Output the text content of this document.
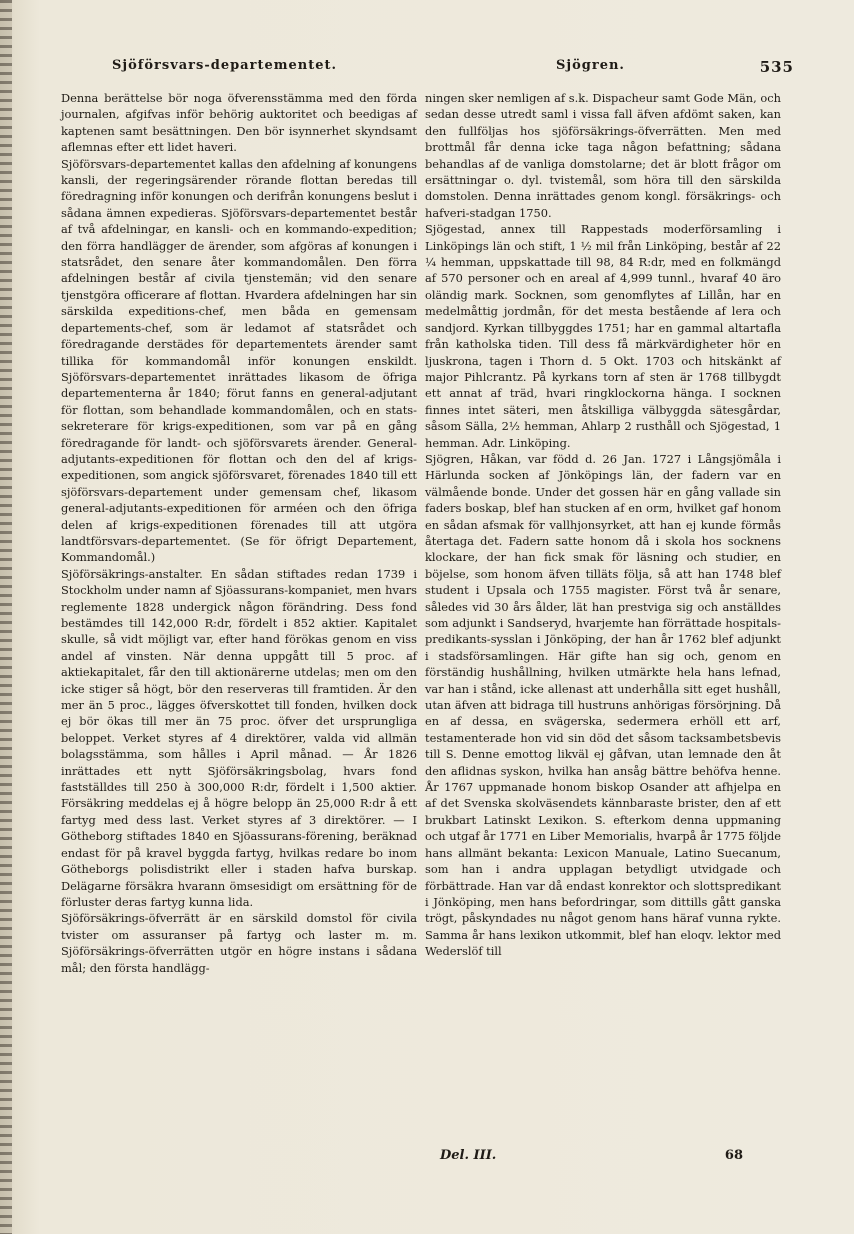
Sjöförsvars-departementet.	Sjögren.	535

Denna berättelse bör noga öfverensstämma med den förda journalen, afgifvas inför behörig auktoritet och beedigas af kaptenen samt besättningen. Den bör isynnerhet skyndsamt aflemnas efter ett lidet haveri.

Sjöförsvars-departementet kallas den afdelning af konungens kansli, der regeringsärender rörande flottan beredas till föredragning inför konungen och derifrån konungens beslut i sådana ämnen expedieras. Sjöförsvars-departementet består af två afdelningar, en kansli- och en kommando-expedition; den förra handlägger de ärender, som afgöras af konungen i statsrådet, den senare åter kommandomålen. Den förra afdelningen består af civila tjenstemän; vid den senare tjenstgöra officerare af flottan. Hvardera afdelningen har sin särskilda expeditions-chef, men båda en gemensam departements-chef, som är ledamot af statsrådet och föredragande derstädes för departementets ärender samt tillika för kommandomål inför konungen enskildt. Sjöförsvars-departementet inrättades likasom de öfriga departementerna år 1840; förut fanns en general-adjutant för flottan, som behandlade kommandomålen, och en stats-sekreterare för krigs-expeditionen, som var på en gång föredragande för landt- och sjöförsvarets ärender. General-adjutants-expeditionen för flottan och den del af krigs-expeditionen, som angick sjöförsvaret, förenades 1840 till ett sjöförsvars-departement under gemensam chef, likasom general-adjutants-expeditionen för arméen och den öfriga delen af krigs-expeditionen förenades till att utgöra landtförsvars-departementet. (Se för öfrigt Departement, Kommandomål.)

Sjöförsäkrings-anstalter. En sådan stiftades redan 1739 i Stockholm under namn af Sjöassurans-kompaniet, men hvars reglemente 1828 undergick någon förändring. Dess fond bestämdes till 142,000 R:dr, fördelt i 852 aktier. Kapitalet skulle, så vidt möjligt var, efter hand förökas genom en viss andel af vinsten. När denna uppgått till 5 proc. af aktiekapitalet, får den till aktionärerne utdelas; men om den icke stiger så högt, bör den reserveras till framtiden. Är den mer än 5 proc., lägges öfverskottet till fonden, hvilken dock ej bör ökas till mer än 75 proc. öfver det ursprungliga beloppet. Verket styres af 4 direktörer, valda vid allmän bolagsstämma, som hålles i April månad. — År 1826 inrättades ett nytt Sjöförsäkringsbolag, hvars fond fastställdes till 250 à 300,000 R:dr, fördelt i 1,500 aktier. Försäkring meddelas ej å högre belopp än 25,000 R:dr å ett fartyg med dess last. Verket styres af 3 direktörer. — I Götheborg stiftades 1840 en Sjöassurans-förening, beräknad endast för på kravel byggda fartyg, hvilkas redare bo inom Götheborgs polisdistrikt eller i staden hafva burskap. Delägarne försäkra hvarann ömsesidigt om ersättning för de förluster deras fartyg kunna lida.

Sjöförsäkrings-öfverrätt är en särskild domstol för civila tvister om assuranser på fartyg och laster m. m. Sjöförsäkrings-öfverrätten utgör en högre instans i sådana mål; den första handlägg-

ningen sker nemligen af s.k. Dispacheur samt Gode Män, och sedan desse utredt saml i vissa fall äfven afdömt saken, kan den fullföljas hos sjöförsäkrings-öfverrätten. Men med brottmål får denna icke taga någon befattning; sådana behandlas af de vanliga domstolarne; det är blott frågor om ersättningar o. dyl. tvistemål, som höra till den särskilda domstolen. Denna inrättades genom kongl. försäkrings- och hafveri-stadgan 1750.

Sjögestad, annex till Rappestads moderförsamling i Linköpings län och stift, 1 ½ mil från Linköping, består af 22 ¼ hemman, uppskattade till 98, 84 R:dr, med en folkmängd af 570 personer och en areal af 4,999 tunnl., hvaraf 40 äro oländig mark. Socknen, som genomflytes af Lillån, har en medelmåttig jordmån, för det mesta bestående af lera och sandjord. Kyrkan tillbyggdes 1751; har en gammal altartafla från katholska tiden. Till dess få märkvärdigheter hör en ljuskrona, tagen i Thorn d. 5 Okt. 1703 och hitskänkt af major Pihlcrantz. På kyrkans torn af sten är 1768 tillbygdt ett annat af träd, hvari ringklockorna hänga. I socknen finnes intet säteri, men åtskilliga välbyggda sätesgårdar, såsom Sälla, 2½ hemman, Ahlarp 2 rusthåll och Sjögestad, 1 hemman. Adr. Linköping.

Sjögren, Håkan, var född d. 26 Jan. 1727 i Långsjömåla i Härlunda socken af Jönköpings län, der fadern var en välmående bonde. Under det gossen här en gång vallade sin faders boskap, blef han stucken af en orm, hvilket gaf honom en sådan afsmak för vallhjonsyrket, att han ej kunde förmås återtaga det. Fadern satte honom då i skola hos socknens klockare, der han fick smak för läsning och studier, en böjelse, som honom äfven tilläts följa, så att han 1748 blef student i Upsala och 1755 magister. Först två år senare, således vid 30 års ålder, lät han prestviga sig och anställdes som adjunkt i Sandseryd, hvarjemte han förrättade hospitals-predikants-sysslan i Jönköping, der han år 1762 blef adjunkt i stadsförsamlingen. Här gifte han sig och, genom en förständig hushållning, hvilken utmärkte hela hans lefnad, var han i stånd, icke allenast att underhålla sitt eget hushåll, utan äfven att bidraga till hustruns anhörigas försörjning. Då en af dessa, en svägerska, sedermera erhöll ett arf, testamenterade hon vid sin död det såsom tacksambetsbevis till S. Denne emottog likväl ej gåfvan, utan lemnade den åt den aflidnas syskon, hvilka han ansåg bättre behöfva henne. År 1767 uppmanade honom biskop Osander att afhjelpa en af det Svenska skolväsendets kännbaraste brister, den af ett brukbart Latinskt Lexikon. S. efterkom denna uppmaning och utgaf år 1771 en Liber Memorialis, hvarpå år 1775 följde hans allmänt bekanta: Lexicon Manuale, Latino Suecanum, som han i andra upplagan betydligt utvidgade och förbättrade. Han var då endast konrektor och slottspredikant i Jönköping, men hans befordringar, som dittills gått ganska trögt, påskyndades nu något genom hans häraf vunna rykte. Samma år hans lexikon utkommit, blef han eloqv. lektor med Wederslöf till

Del. III.	68
